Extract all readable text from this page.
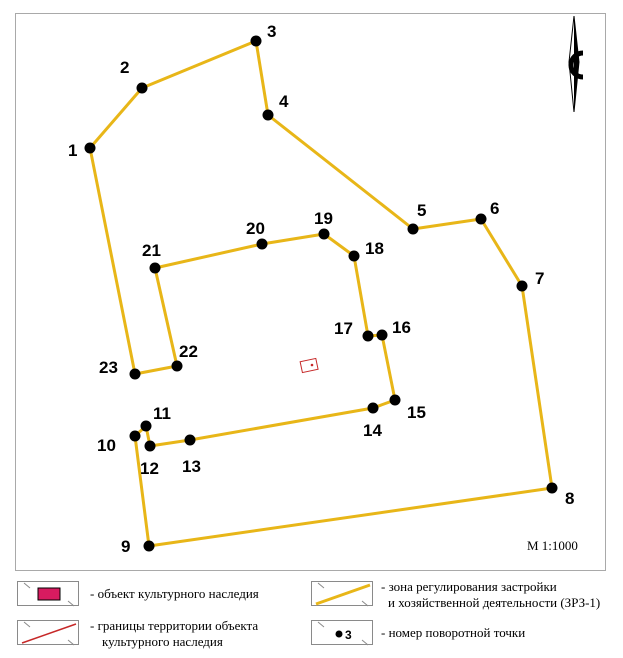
1
2
3
4
5	6
7
8
9
10
11
12 13
14
15
16
17
18
19
20
21
22
23
М 1:1000
- объект культурного наследия
- границы территории объекта
культурного наследия
- зона регулирования застройки
и хозяйственной деятельности (ЗРЗ-1)
3 - номер поворотной точки
